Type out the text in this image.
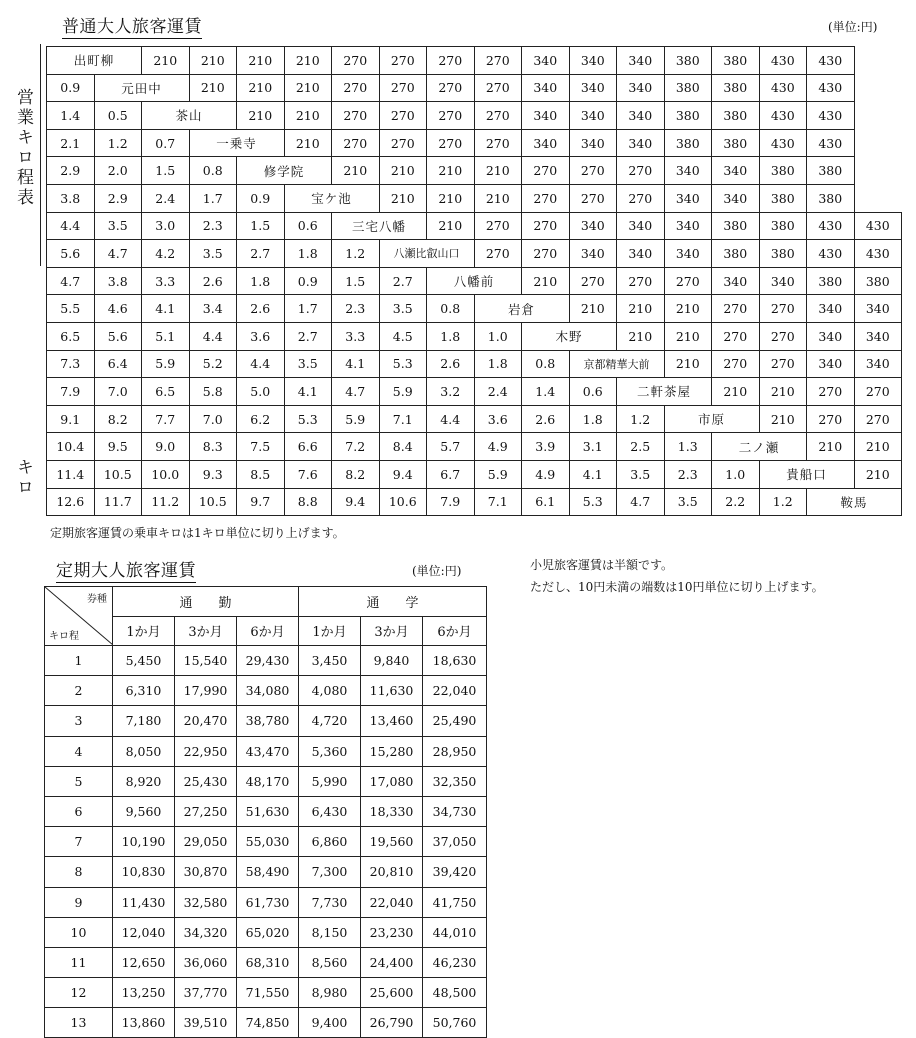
普通大人旅客運賃	(単位:円)
営業キロ程表
キロ
出町柳		210	210	210	210	270	270	270	270	340	340	340	380	380	430	430	
0.9	元田中		210	210	210	270	270	270	270	340	340	340	380	380	430	430	
1.4	0.5	茶山		210	210	270	270	270	270	340	340	340	380	380	430	430	
2.1	1.2	0.7	一乗寺		210	270	270	270	270	340	340	340	380	380	430	430	
2.9	2.0	1.5	0.8	修学院		210	210	210	210	270	270	270	340	340	380	380	
3.8	2.9	2.4	1.7	0.9	宝ケ池		210	210	210	270	270	270	340	340	380	380	
4.4	3.5	3.0	2.3	1.5	0.6	三宅八幡		210	270	270	340	340	340	380	380	430	430
5.6	4.7	4.2	3.5	2.7	1.8	1.2	八瀬比叡山口		270	270	340	340	340	380	380	430	430
4.7	3.8	3.3	2.6	1.8	0.9	1.5	2.7	八幡前		210	270	270	270	340	340	380	380
5.5	4.6	4.1	3.4	2.6	1.7	2.3	3.5	0.8	岩倉		210	210	210	270	270	340	340
6.5	5.6	5.1	4.4	3.6	2.7	3.3	4.5	1.8	1.0	木野		210	210	270	270	340	340
7.3	6.4	5.9	5.2	4.4	3.5	4.1	5.3	2.6	1.8	0.8	京都精華大前		210	270	270	340	340
7.9	7.0	6.5	5.8	5.0	4.1	4.7	5.9	3.2	2.4	1.4	0.6	二軒茶屋		210	210	270	270
9.1	8.2	7.7	7.0	6.2	5.3	5.9	7.1	4.4	3.6	2.6	1.8	1.2	市原		210	270	270
10.4	9.5	9.0	8.3	7.5	6.6	7.2	8.4	5.7	4.9	3.9	3.1	2.5	1.3	二ノ瀬		210	210
11.4	10.5	10.0	9.3	8.5	7.6	8.2	9.4	6.7	5.9	4.9	4.1	3.5	2.3	1.0	貴船口		210
12.6	11.7	11.2	10.5	9.7	8.8	9.4	10.6	7.9	7.1	6.1	5.3	4.7	3.5	2.2	1.2	鞍馬	
定期旅客運賃の乗車キロは1キロ単位に切り上げます。
定期大人旅客運賃	(単位:円)
券種
キロ程	通　　勤			通　　学		
	1か月	3か月	6か月	1か月	3か月	6か月
1	5,450	15,540	29,430	3,450	9,840	18,630
2	6,310	17,990	34,080	4,080	11,630	22,040
3	7,180	20,470	38,780	4,720	13,460	25,490
4	8,050	22,950	43,470	5,360	15,280	28,950
5	8,920	25,430	48,170	5,990	17,080	32,350
6	9,560	27,250	51,630	6,430	18,330	34,730
7	10,190	29,050	55,030	6,860	19,560	37,050
8	10,830	30,870	58,490	7,300	20,810	39,420
9	11,430	32,580	61,730	7,730	22,040	41,750
10	12,040	34,320	65,020	8,150	23,230	44,010
11	12,650	36,060	68,310	8,560	24,400	46,230
12	13,250	37,770	71,550	8,980	25,600	48,500
13	13,860	39,510	74,850	9,400	26,790	50,760
小児旅客運賃は半額です。
ただし、10円未満の端数は10円単位に切り上げます。
